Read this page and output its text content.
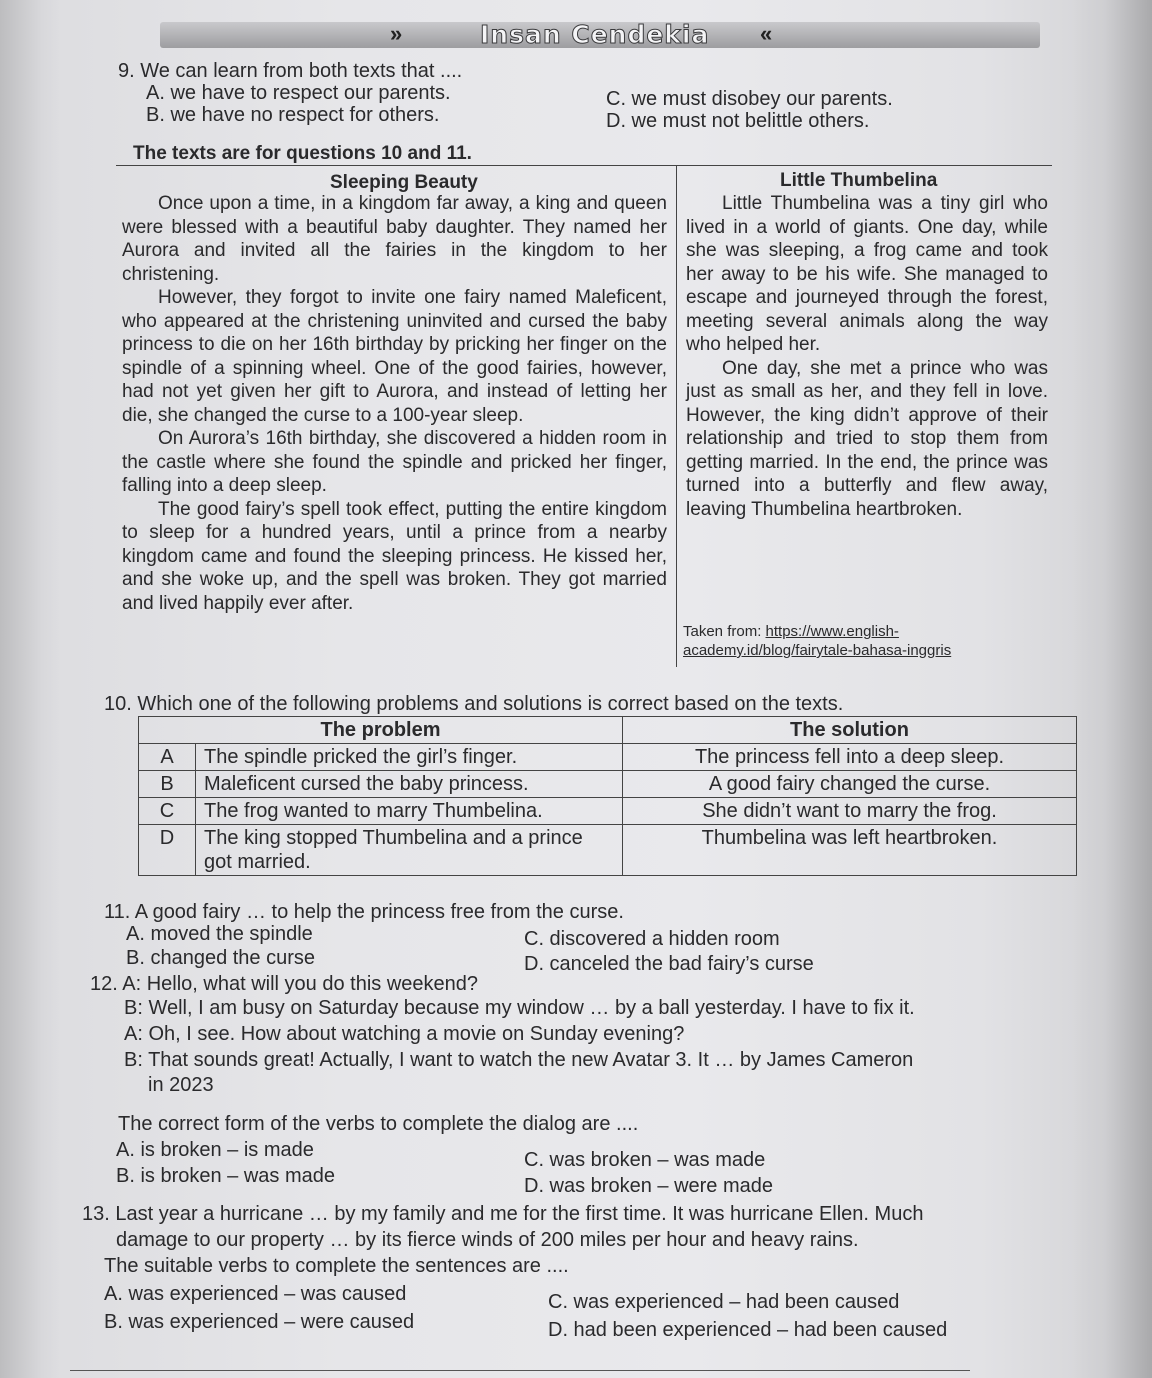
»	Insan Cendekia «
9. We can learn from both texts that ....
A. we have to respect our parents.
B. we have no respect for others.
C. we must disobey our parents.
D. we must not belittle others.
The texts are for questions 10 and 11.
Sleeping Beauty

Once upon a time, in a kingdom far away, a king and queen were blessed with a beautiful baby daughter. They named her Aurora and invited all the fairies in the kingdom to her christening.

However, they forgot to invite one fairy named Maleficent, who appeared at the christening uninvited and cursed the baby princess to die on her 16th birthday by pricking her finger on the spindle of a spinning wheel. One of the good fairies, however, had not yet given her gift to Aurora, and instead of letting her die, she changed the curse to a 100-year sleep.

On Aurora’s 16th birthday, she discovered a hidden room in the castle where she found the spindle and pricked her finger, falling into a deep sleep.

The good fairy’s spell took effect, putting the entire kingdom to sleep for a hundred years, until a prince from a nearby kingdom came and found the sleeping princess. He kissed her, and she woke up, and the spell was broken. They got married and lived happily ever after.

Little Thumbelina

Little Thumbelina was a tiny girl who lived in a world of giants. One day, while she was sleeping, a frog came and took her away to be his wife. She managed to escape and journeyed through the forest, meeting several animals along the way who helped her.

One day, she met a prince who was just as small as her, and they fell in love. However, the king didn’t approve of their relationship and tried to stop them from getting married. In the end, the prince was turned into a butterfly and flew away, leaving Thumbelina heartbroken.

Taken from: https://www.english-academy.id/blog/fairytale-bahasa-inggris
10. Which one of the following problems and solutions is correct based on the texts.
The problem		The solution
A	The spindle pricked the girl’s finger.	The princess fell into a deep sleep.
B	Maleficent cursed the baby princess.	A good fairy changed the curse.
C	The frog wanted to marry Thumbelina.	She didn’t want to marry the frog.
D	The king stopped Thumbelina and a prince got married.	Thumbelina was left heartbroken.
11. A good fairy … to help the princess free from the curse.
A. moved the spindle
B. changed the curse
C. discovered a hidden room
D. canceled the bad fairy’s curse
12. A: Hello, what will you do this weekend?
B: Well, I am busy on Saturday because my window … by a ball yesterday. I have to fix it.
A: Oh, I see. How about watching a movie on Sunday evening?
B: That sounds great! Actually, I want to watch the new Avatar 3. It … by James Cameron
in 2023
The correct form of the verbs to complete the dialog are ....
A. is broken – is made
B. is broken – was made
C. was broken – was made
D. was broken – were made
13. Last year a hurricane … by my family and me for the first time. It was hurricane Ellen. Much
damage to our property … by its fierce winds of 200 miles per hour and heavy rains.
The suitable verbs to complete the sentences are ....
A. was experienced – was caused
B. was experienced – were caused
C. was experienced – had been caused
D. had been experienced – had been caused
